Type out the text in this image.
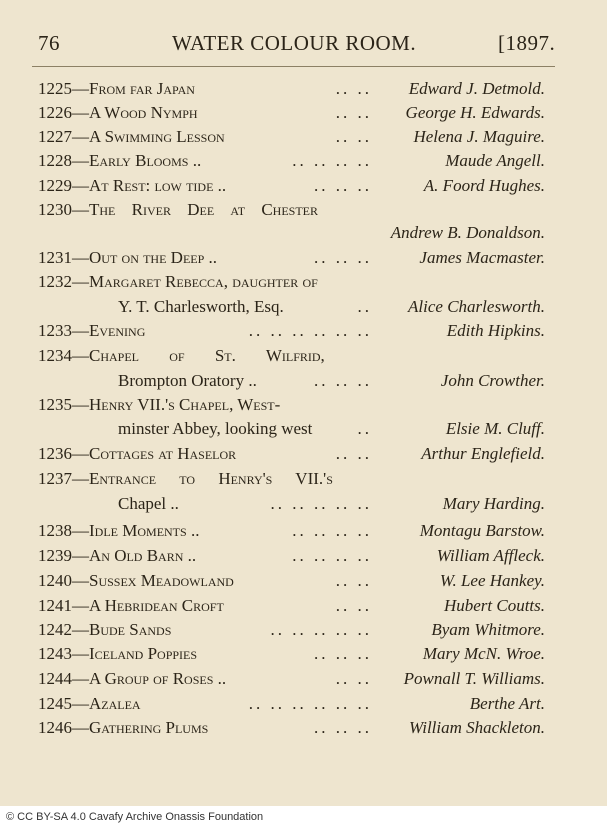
76	WATER COLOUR ROOM.	[1897.
1225—From far Japan	.. .. Edward J. Detmold.
1226—A Wood Nymph	.. .. George H. Edwards.
1227—A Swimming Lesson	.. .. Helena J. Maguire.
1228—Early Blooms ..	.. .. .. ..	Maude Angell.
1229—At Rest: low tide ..	.. .. ..	A. Foord Hughes.
1230—The River Dee at Chester
Andrew B. Donaldson.
1231—Out on the Deep ..	.. .. ..	James Macmaster.
1232—Margaret Rebecca, daughter of
Y. T. Charlesworth, Esq.	.. Alice Charlesworth.
1233—Evening	.. .. .. .. .. ..	Edith Hipkins.
1234—Chapel of St. Wilfrid,
Brompton Oratory ..	.. .. ..	John Crowther.
1235—Henry VII.'s Chapel, West-
minster Abbey, looking west	..	Elsie M. Cluff.
1236—Cottages at Haselor	.. ..	Arthur Englefield.
1237—Entrance to Henry's VII.'s
Chapel ..	.. .. .. .. ..	Mary Harding.
1238—Idle Moments ..	.. .. .. ..	Montagu Barstow.
1239—An Old Barn ..	.. .. .. ..	William Affleck.
1240—Sussex Meadowland	.. ..	W. Lee Hankey.
1241—A Hebridean Croft	.. ..	Hubert Coutts.
1242—Bude Sands	.. .. .. .. ..	Byam Whitmore.
1243—Iceland Poppies	.. .. ..	Mary McN. Wroe.
1244—A Group of Roses ..	.. .. Pownall T. Williams.
1245—Azalea	.. .. .. .. .. ..	Berthe Art.
1246—Gathering Plums	.. .. .. William Shackleton.
© CC BY-SA 4.0 Cavafy Archive Onassis Foundation
